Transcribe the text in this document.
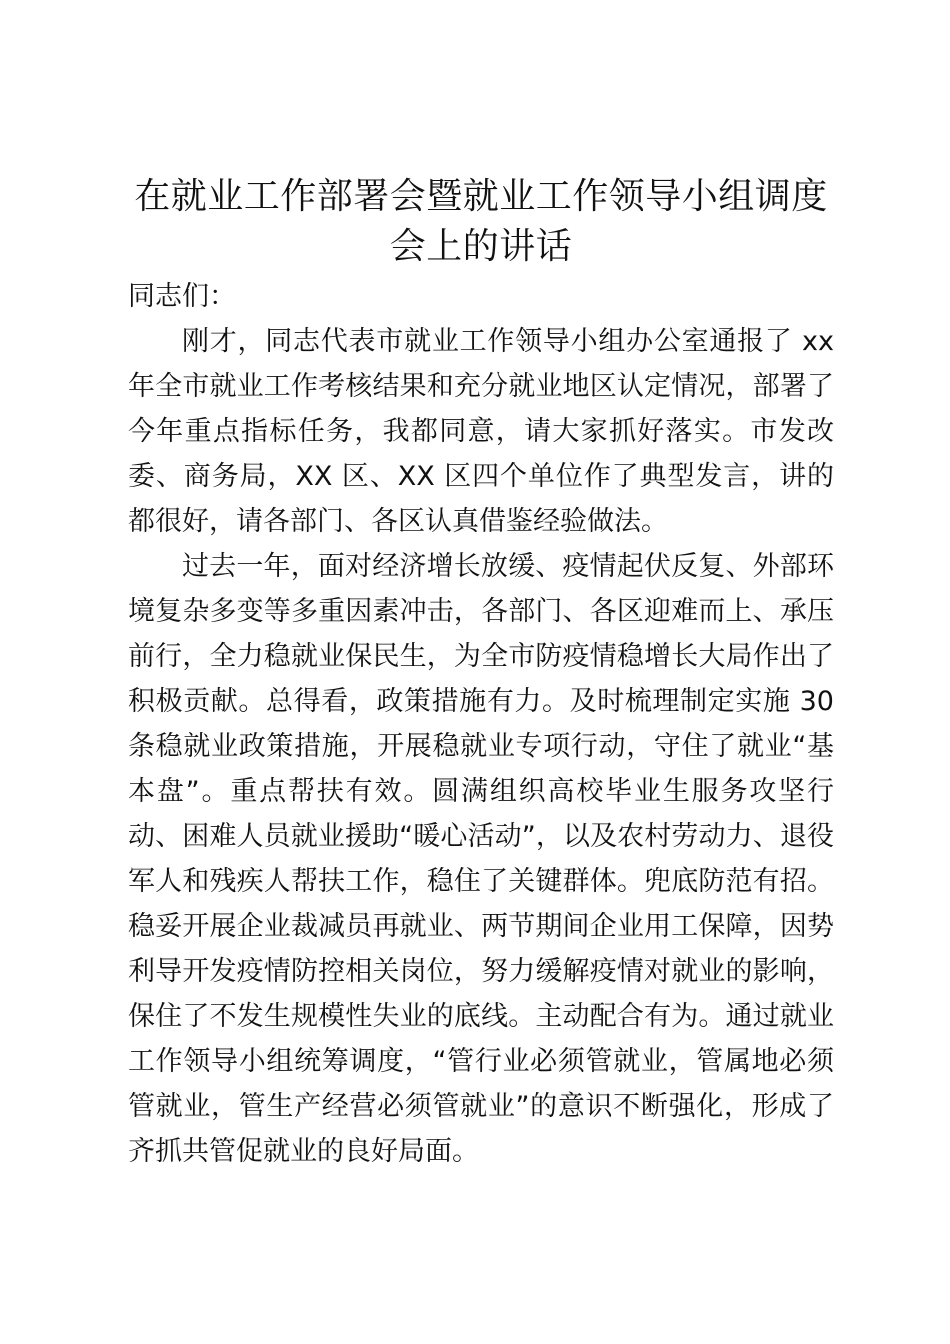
在就业工作部署会暨就业工作领导小组调度会上的讲话

同志们：

刚才，同志代表市就业工作领导小组办公室通报了 xx 年全市就业工作考核结果和充分就业地区认定情况，部署了今年重点指标任务，我都同意，请大家抓好落实。市发改委、商务局，XX 区、XX 区四个单位作了典型发言，讲的都很好，请各部门、各区认真借鉴经验做法。

过去一年，面对经济增长放缓、疫情起伏反复、外部环境复杂多变等多重因素冲击，各部门、各区迎难而上、承压前行，全力稳就业保民生，为全市防疫情稳增长大局作出了积极贡献。总得看，政策措施有力。及时梳理制定实施 30 条稳就业政策措施，开展稳就业专项行动，守住了就业“基本盘”。重点帮扶有效。圆满组织高校毕业生服务攻坚行动、困难人员就业援助“暖心活动”，以及农村劳动力、退役军人和残疾人帮扶工作，稳住了关键群体。兜底防范有招。稳妥开展企业裁减员再就业、两节期间企业用工保障，因势利导开发疫情防控相关岗位，努力缓解疫情对就业的影响，保住了不发生规模性失业的底线。主动配合有为。通过就业工作领导小组统筹调度，“管行业必须管就业，管属地必须管就业，管生产经营必须管就业”的意识不断强化，形成了齐抓共管促就业的良好局面。
